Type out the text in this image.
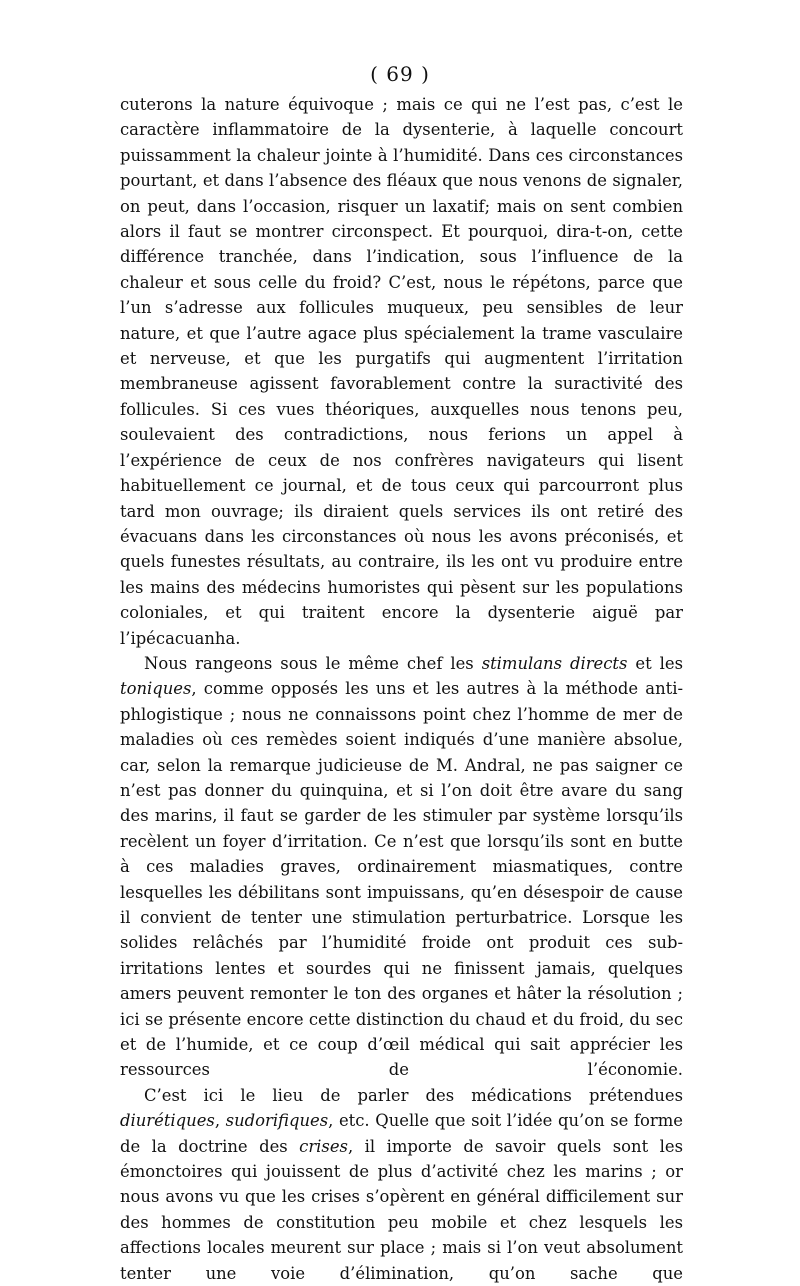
( 69 )

cuterons la nature équivoque ; mais ce qui ne l’est pas, c’est le caractère inflammatoire de la dysenterie, à laquelle concourt puissamment la chaleur jointe à l’humidité. Dans ces circonstances pourtant, et dans l’absence des fléaux que nous venons de signaler, on peut, dans l’occasion, risquer un laxatif; mais on sent combien alors il faut se montrer circonspect. Et pourquoi, dira-t-on, cette différence tranchée, dans l’indication, sous l’influence de la chaleur et sous celle du froid? C’est, nous le répétons, parce que l’un s’adresse aux follicules muqueux, peu sensibles de leur nature, et que l’autre agace plus spécialement la trame vasculaire et nerveuse, et que les purgatifs qui augmentent l’irritation membraneuse agissent favorablement contre la suractivité des follicules. Si ces vues théoriques, auxquelles nous tenons peu, soulevaient des contradictions, nous ferions un appel à l’expérience de ceux de nos confrères navigateurs qui lisent habituellement ce journal, et de tous ceux qui parcourront plus tard mon ouvrage; ils diraient quels services ils ont retiré des évacuans dans les circonstances où nous les avons préconisés, et quels funestes résultats, au contraire, ils les ont vu produire entre les mains des médecins humoristes qui pèsent sur les populations coloniales, et qui traitent encore la dysenterie aiguë par l’ipécacuanha.

Nous rangeons sous le même chef les stimulans directs et les toniques, comme opposés les uns et les autres à la méthode anti-phlogistique ; nous ne connaissons point chez l’homme de mer de maladies où ces remèdes soient indiqués d’une manière absolue, car, selon la remarque judicieuse de M. Andral, ne pas saigner ce n’est pas donner du quinquina, et si l’on doit être avare du sang des marins, il faut se garder de les stimuler par système lorsqu’ils recèlent un foyer d’irritation. Ce n’est que lorsqu’ils sont en butte à ces maladies graves, ordinairement miasmatiques, contre lesquelles les débilitans sont impuissans, qu’en désespoir de cause il convient de tenter une stimulation perturbatrice. Lorsque les solides relâchés par l’humidité froide ont produit ces sub-irritations lentes et sourdes qui ne finissent jamais, quelques amers peuvent remonter le ton des organes et hâter la résolution ; ici se présente encore cette distinction du chaud et du froid, du sec et de l’humide, et ce coup d’œil médical qui sait apprécier les ressources de l’économie.

C’est ici le lieu de parler des médications prétendues diurétiques, sudorifiques, etc. Quelle que soit l’idée qu’on se forme de la doctrine des crises, il importe de savoir quels sont les émonctoires qui jouissent de plus d’activité chez les marins ; or nous avons vu que les crises s’opèrent en général difficilement sur des hommes de constitution peu mobile et chez lesquels les affections locales meurent sur place ; mais si l’on veut absolument tenter une voie d’élimination, qu’on sache que
